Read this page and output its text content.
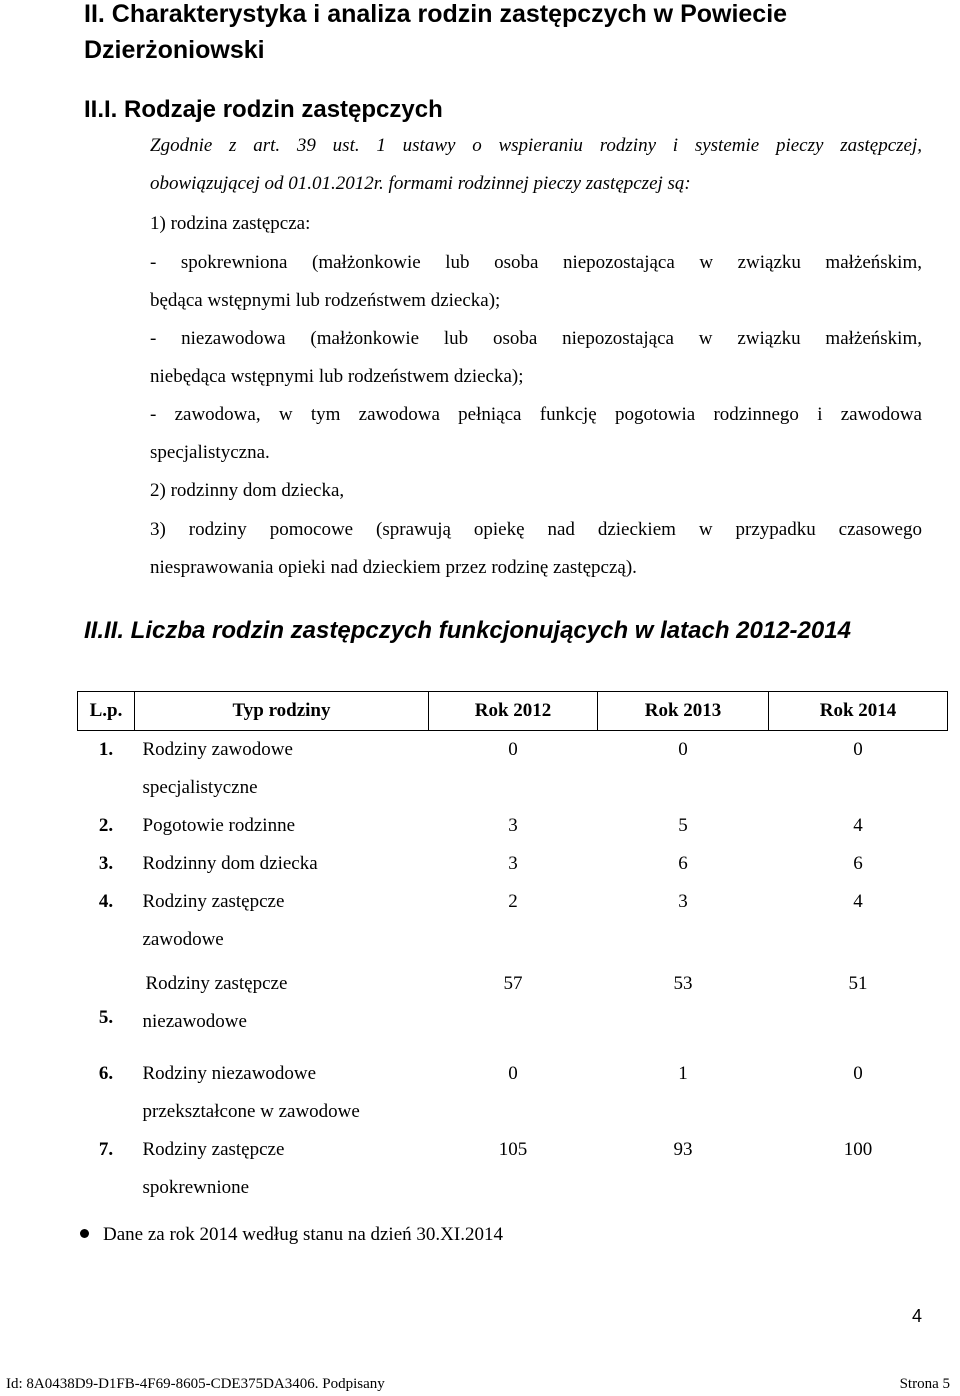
II. Charakterystyka i analiza rodzin zastępczych w Powiecie
Dzierżoniowski
II.I. Rodzaje rodzin zastępczych
Zgodnie z art. 39 ust. 1 ustawy o wspieraniu rodziny i systemie pieczy zastępczej,
obowiązującej od 01.01.2012r. formami rodzinnej pieczy zastępczej są:
1) rodzina zastępcza:
- spokrewniona (małżonkowie lub osoba niepozostająca w związku małżeńskim,
będąca wstępnymi lub rodzeństwem dziecka);
- niezawodowa (małżonkowie lub osoba niepozostająca w związku małżeńskim,
niebędąca wstępnymi lub rodzeństwem dziecka);
- zawodowa, w tym zawodowa pełniąca funkcję pogotowia rodzinnego i zawodowa
specjalistyczna.
2) rodzinny dom dziecka,
3) rodziny pomocowe (sprawują opiekę nad dzieckiem w przypadku czasowego
niesprawowania opieki nad dzieckiem przez rodzinę zastępczą).
II.II. Liczba rodzin zastępczych funkcjonujących w latach 2012-2014
L.p.	Typ rodziny	Rok 2012	Rok 2013	Rok 2014
1.	Rodziny zawodowe
specjalistyczne	0	0	0
2.	Pogotowie rodzinne	3	5	4
3.	Rodzinny dom dziecka	3	6	6
4.	Rodziny zastępcze
zawodowe	2	3	4
5.	Rodziny zastępcze
niezawodowe	57	53	51
6.	Rodziny niezawodowe
przekształcone w zawodowe	0	1	0
7.	Rodziny zastępcze
spokrewnione	105	93	100
Dane za rok 2014 według stanu na dzień 30.XI.2014
4
Id: 8A0438D9-D1FB-4F69-8605-CDE375DA3406. Podpisany	Strona 5
